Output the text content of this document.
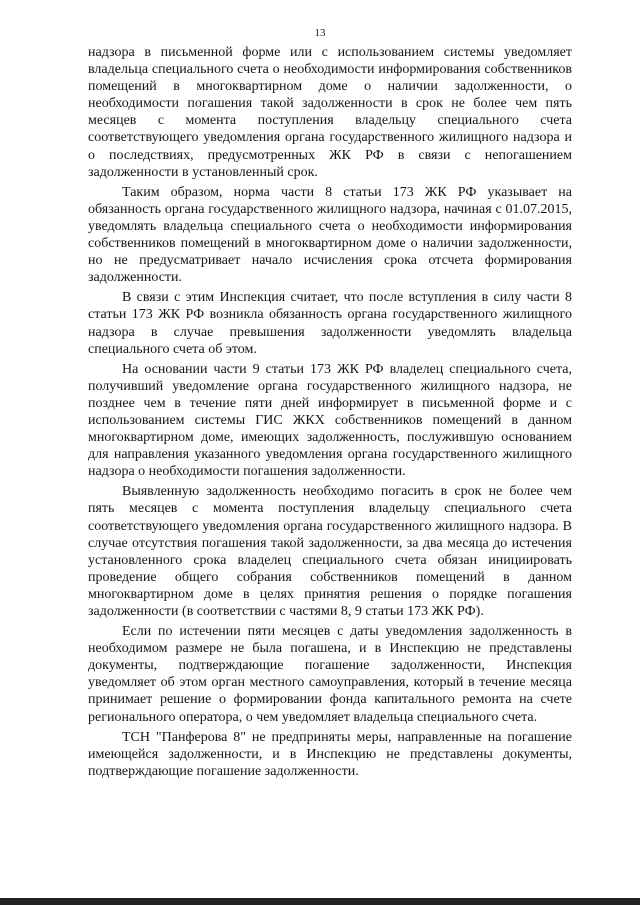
13

надзора в письменной форме или с использованием системы уведомляет владельца специального счета о необходимости информирования собственников помещений в многоквартирном доме о наличии задолженности, о необходимости погашения такой задолженности в срок не более чем пять месяцев с момента поступления владельцу специального счета соответствующего уведомления органа государственного жилищного надзора и о последствиях, предусмотренных ЖК РФ в связи с непогашением задолженности в установленный срок.

Таким образом, норма части 8 статьи 173 ЖК РФ указывает на обязанность органа государственного жилищного надзора, начиная с 01.07.2015, уведомлять владельца специального счета о необходимости информирования собственников помещений в многоквартирном доме о наличии задолженности, но не предусматривает начало исчисления срока отсчета формирования задолженности.

В связи с этим Инспекция считает, что после вступления в силу части 8 статьи 173 ЖК РФ возникла обязанность органа государственного жилищного надзора в случае превышения задолженности уведомлять владельца специального счета об этом.

На основании части 9 статьи 173 ЖК РФ владелец специального счета, получивший уведомление органа государственного жилищного надзора, не позднее чем в течение пяти дней информирует в письменной форме и с использованием системы ГИС ЖКХ собственников помещений в данном многоквартирном доме, имеющих задолженность, послужившую основанием для направления указанного уведомления органа государственного жилищного надзора о необходимости погашения задолженности.

Выявленную задолженность необходимо погасить в срок не более чем пять месяцев с момента поступления владельцу специального счета соответствующего уведомления органа государственного жилищного надзора. В случае отсутствия погашения такой задолженности, за два месяца до истечения установленного срока владелец специального счета обязан инициировать проведение общего собрания собственников помещений в данном многоквартирном доме в целях принятия решения о порядке погашения задолженности (в соответствии с частями 8, 9 статьи 173 ЖК РФ).

Если по истечении пяти месяцев с даты уведомления задолженность в необходимом размере не была погашена, и в Инспекцию не представлены документы, подтверждающие погашение задолженности, Инспекция уведомляет об этом орган местного самоуправления, который в течение месяца принимает решение о формировании фонда капитального ремонта на счете регионального оператора, о чем уведомляет владельца специального счета.

ТСН "Панферова 8" не предприняты меры, направленные на погашение имеющейся задолженности, и в Инспекцию не представлены документы, подтверждающие погашение задолженности.
